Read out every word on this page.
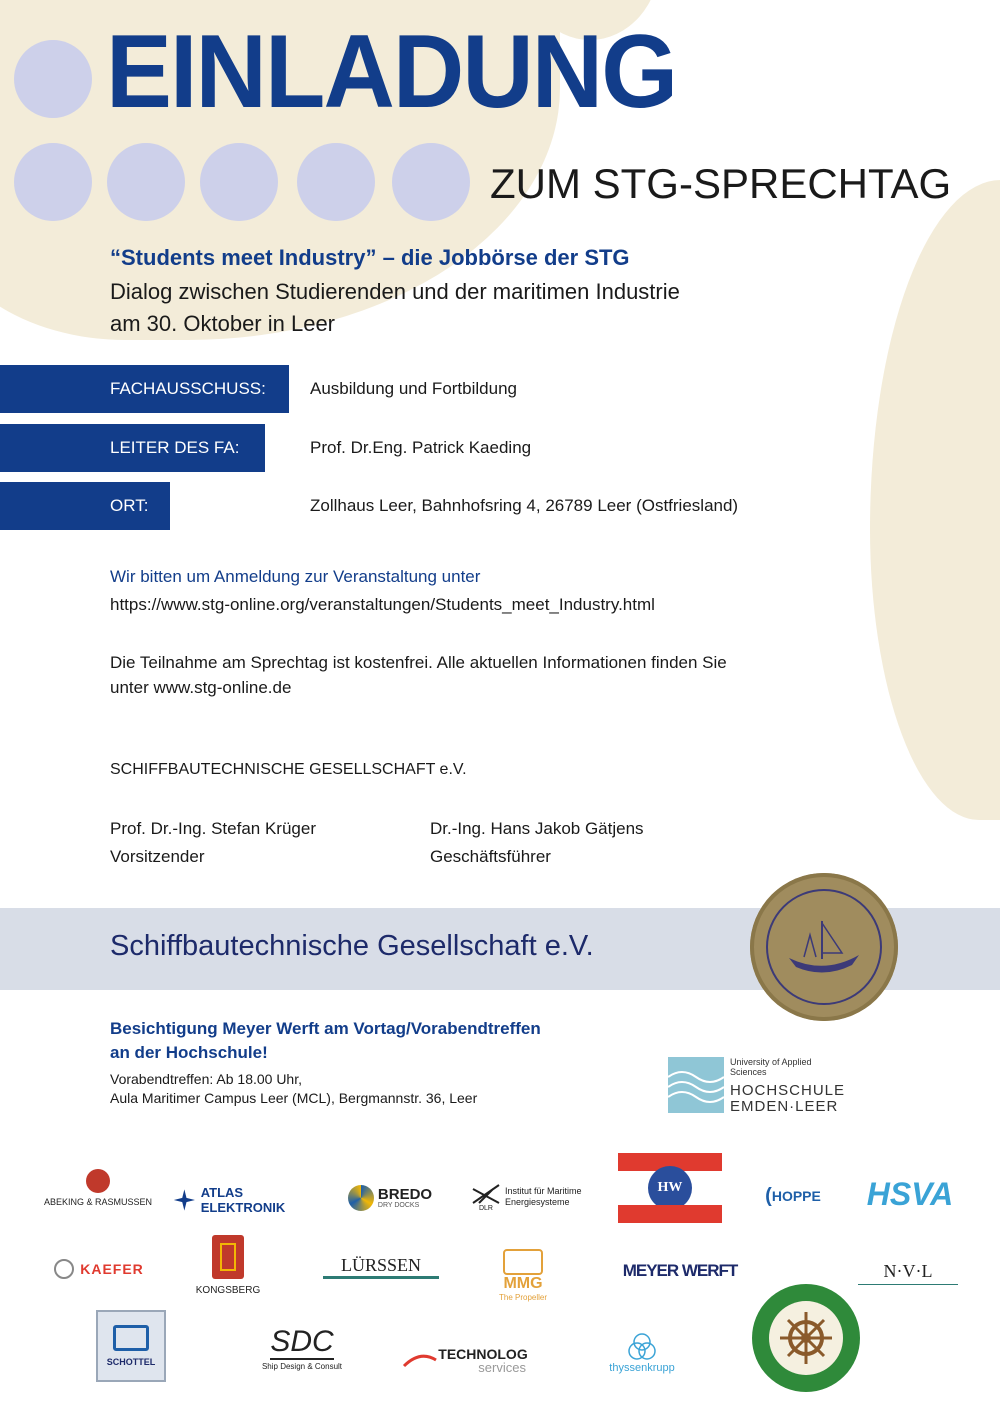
EINLADUNG
ZUM STG-SPRECHTAG
“Students meet Industry” – die Jobbörse der STG
Dialog zwischen Studierenden und der maritimen Industrie
am 30. Oktober in Leer
FACHAUSSCHUSS:	Ausbildung und Fortbildung
LEITER DES FA:	Prof. Dr.Eng. Patrick Kaeding
ORT:	Zollhaus Leer, Bahnhofsring 4, 26789 Leer (Ostfriesland)
Wir bitten um Anmeldung zur Veranstaltung unter
https://www.stg-online.org/veranstaltungen/Students_meet_Industry.html
Die Teilnahme am Sprechtag ist kostenfrei. Alle aktuellen Informationen finden Sie
unter www.stg-online.de
SCHIFFBAUTECHNISCHE GESELLSCHAFT e.V.
Prof. Dr.-Ing. Stefan Krüger
Vorsitzender
Dr.-Ing. Hans Jakob Gätjens
Geschäftsführer
Schiffbautechnische Gesellschaft e.V.
Besichtigung Meyer Werft am Vortag/Vorabendtreffen
an der Hochschule!
Vorabendtreffen: Ab 18.00 Uhr,
Aula Maritimer Campus Leer (MCL), Bergmannstr. 36, Leer
University of Applied Sciences
HOCHSCHULE
EMDEN·LEER
ABEKING & RASMUSSEN
ATLAS ELEKTRONIK
BREDO
DRY DOCKS	DLR
Institut für Maritime Energiesysteme
HW	( HOPPE HSVA
KAEFER
KONGSBERG
LÜRSSEN
MMG
The Propeller
MEYER WERFT	N·V·L
SCHOTTEL
SDC
Ship Design & Consult
TECHNOLOG
services	thyssenkrupp
